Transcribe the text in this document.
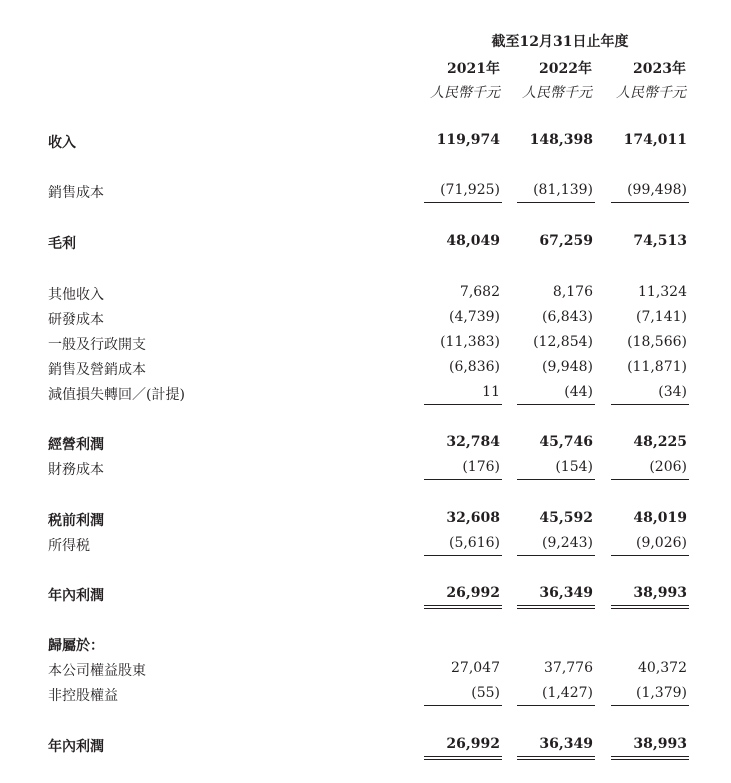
截至12月31日止年度
2021年	2022年	2023年
人民幣千元	人民幣千元	人民幣千元
收入	119,974	148,398	174,011
銷售成本	(71,925)	(81,139)	(99,498)
毛利	48,049	67,259	74,513
其他收入	7,682	8,176	11,324
研發成本	(4,739)	(6,843)	(7,141)
一般及行政開支	(11,383)	(12,854)	(18,566)
銷售及營銷成本	(6,836)	(9,948)	(11,871)
減值損失轉回／(計提)	11	(44)	(34)
經營利潤	32,784	45,746	48,225
財務成本	(176)	(154)	(206)
税前利潤	32,608	45,592	48,019
所得税	(5,616)	(9,243)	(9,026)
年內利潤	26,992	36,349	38,993
歸屬於：
本公司權益股東	27,047	37,776	40,372
非控股權益	(55)	(1,427)	(1,379)
年內利潤	26,992	36,349	38,993
